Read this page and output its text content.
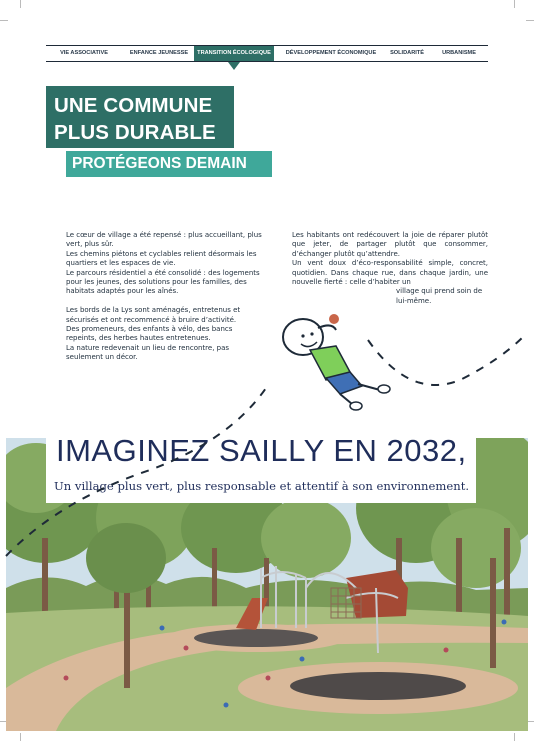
VIE ASSOCIATIVE	ENFANCE JEUNESSE	TRANSITION ÉCOLOGIQUE	DÉVELOPPEMENT ÉCONOMIQUE	SOLIDARITÉ	URBANISME
UNE COMMUNE
PLUS DURABLE
PROTÉGEONS DEMAIN

Le cœur de village a été repensé : plus accueillant, plus vert, plus sûr.

Les chemins piétons et cyclables relient désormais les quartiers et les espaces de vie.

Le parcours résidentiel a été consolidé : des logements pour les jeunes, des solutions pour les familles, des habitats adaptés pour les aînés.

Les bords de la Lys sont aménagés, entretenus et sécurisés et ont recommencé à bruire d’activité.

Des promeneurs, des enfants à vélo, des bancs repeints, des herbes hautes entretenues.

La nature redevenait un lieu de rencontre, pas seulement un décor.

Les habitants ont redécouvert la joie de réparer plutôt que jeter, de partager plutôt que consommer, d’échanger plutôt qu’attendre.

Un vent doux d’éco-responsabilité simple, concret, quotidien. Dans chaque rue, dans chaque jardin, une nouvelle fierté : celle d’habiter un

village qui prend soin de lui-même.

IMAGINEZ SAILLY EN 2032,
Un village plus vert, plus responsable et attentif à son environnement.
